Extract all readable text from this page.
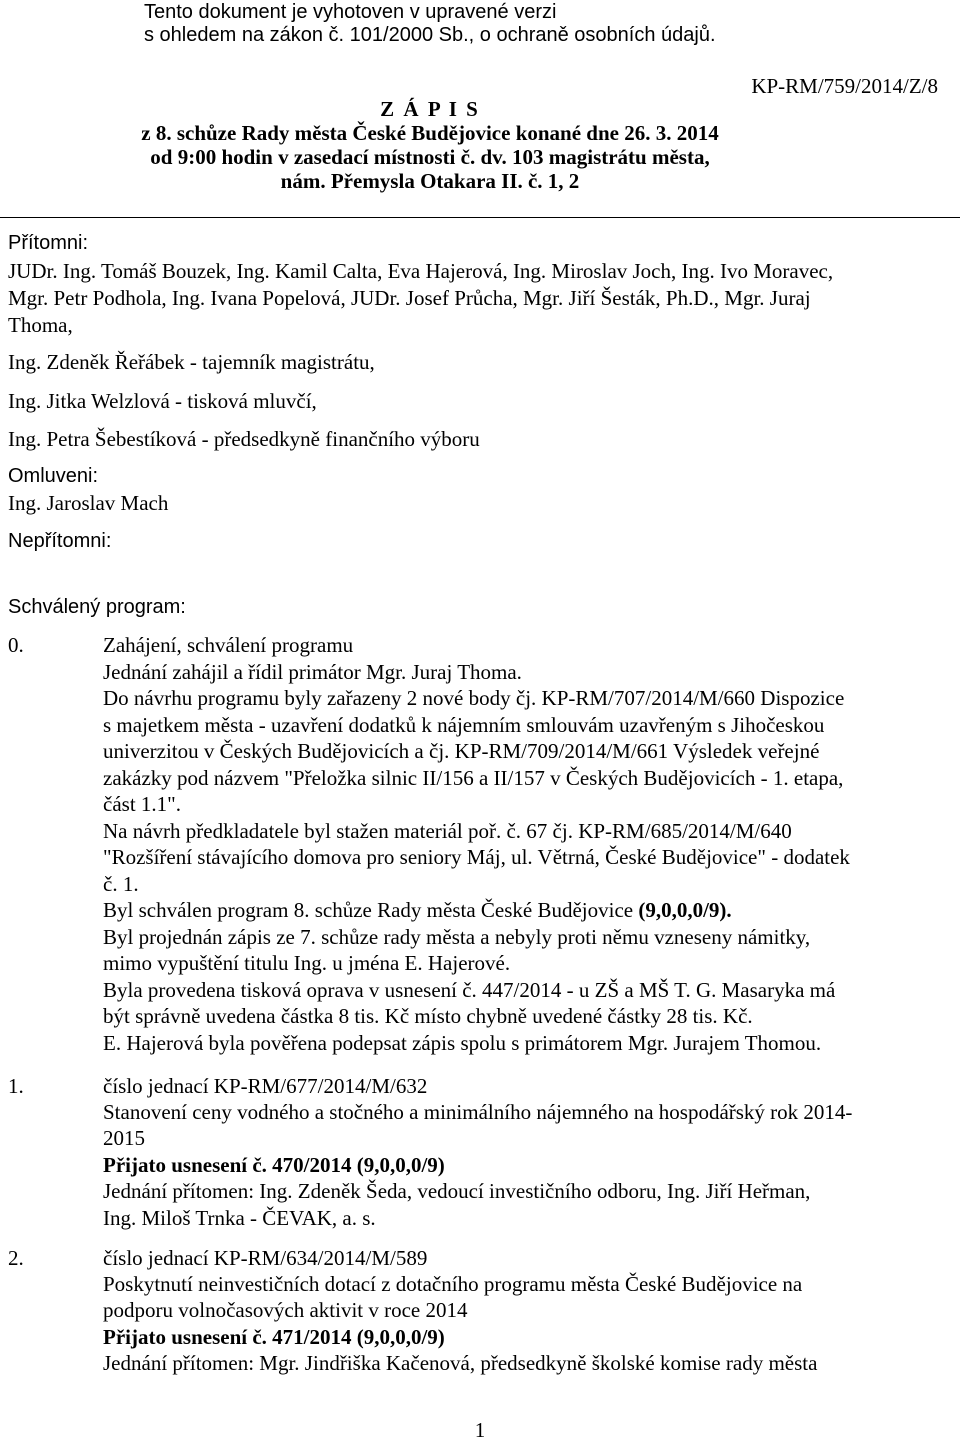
Tento dokument je vyhotoven v upravené verzi
s ohledem na zákon č. 101/2000 Sb., o ochraně osobních údajů.
KP-RM/759/2014/Z/8
Z Á P I S
z 8. schůze Rady města České Budějovice konané dne 26. 3. 2014
od 9:00 hodin v zasedací místnosti č. dv. 103 magistrátu města,
nám. Přemysla Otakara II. č. 1, 2
Přítomni:
JUDr. Ing. Tomáš Bouzek, Ing. Kamil Calta, Eva Hajerová, Ing. Miroslav Joch, Ing. Ivo Moravec,
Mgr. Petr Podhola, Ing. Ivana Popelová, JUDr. Josef Průcha, Mgr. Jiří Šesták, Ph.D., Mgr. Juraj
Thoma,
Ing. Zdeněk Řeřábek - tajemník magistrátu,
Ing. Jitka Welzlová - tisková mluvčí,
Ing. Petra Šebestíková - předsedkyně finančního výboru
Omluveni:
Ing. Jaroslav Mach
Nepřítomni:
Schválený program:
0.	Zahájení, schválení programu
Jednání zahájil a řídil primátor Mgr. Juraj Thoma.
Do návrhu programu byly zařazeny 2 nové body čj. KP-RM/707/2014/M/660 Dispozice
s majetkem města - uzavření dodatků k nájemním smlouvám uzavřeným s Jihočeskou
univerzitou v Českých Budějovicích a čj. KP-RM/709/2014/M/661 Výsledek veřejné
zakázky pod názvem "Přeložka silnic II/156 a II/157 v Českých Budějovicích - 1. etapa,
část 1.1".
Na návrh předkladatele byl stažen materiál poř. č. 67 čj. KP-RM/685/2014/M/640
"Rozšíření stávajícího domova pro seniory Máj, ul. Větrná, České Budějovice" - dodatek
č. 1.
Byl schválen program 8. schůze Rady města České Budějovice (9,0,0,0/9).
Byl projednán zápis ze 7. schůze rady města a nebyly proti němu vzneseny námitky,
mimo vypuštění titulu Ing. u jména E. Hajerové.
Byla provedena tisková oprava v usnesení č. 447/2014 - u ZŠ a MŠ T. G. Masaryka má
být správně uvedena částka 8 tis. Kč místo chybně uvedené částky 28 tis. Kč.
E. Hajerová byla pověřena podepsat zápis spolu s primátorem Mgr. Jurajem Thomou.
1.	číslo jednací KP-RM/677/2014/M/632
Stanovení ceny vodného a stočného a minimálního nájemného na hospodářský rok 2014-
2015
Přijato usnesení č. 470/2014 (9,0,0,0/9)
Jednání přítomen: Ing. Zdeněk Šeda, vedoucí investičního odboru, Ing. Jiří Heřman,
Ing. Miloš Trnka - ČEVAK, a. s.
2.	číslo jednací KP-RM/634/2014/M/589
Poskytnutí neinvestičních dotací z dotačního programu města České Budějovice na
podporu volnočasových aktivit v roce 2014
Přijato usnesení č. 471/2014 (9,0,0,0/9)
Jednání přítomen: Mgr. Jindřiška Kačenová, předsedkyně školské komise rady města
1
